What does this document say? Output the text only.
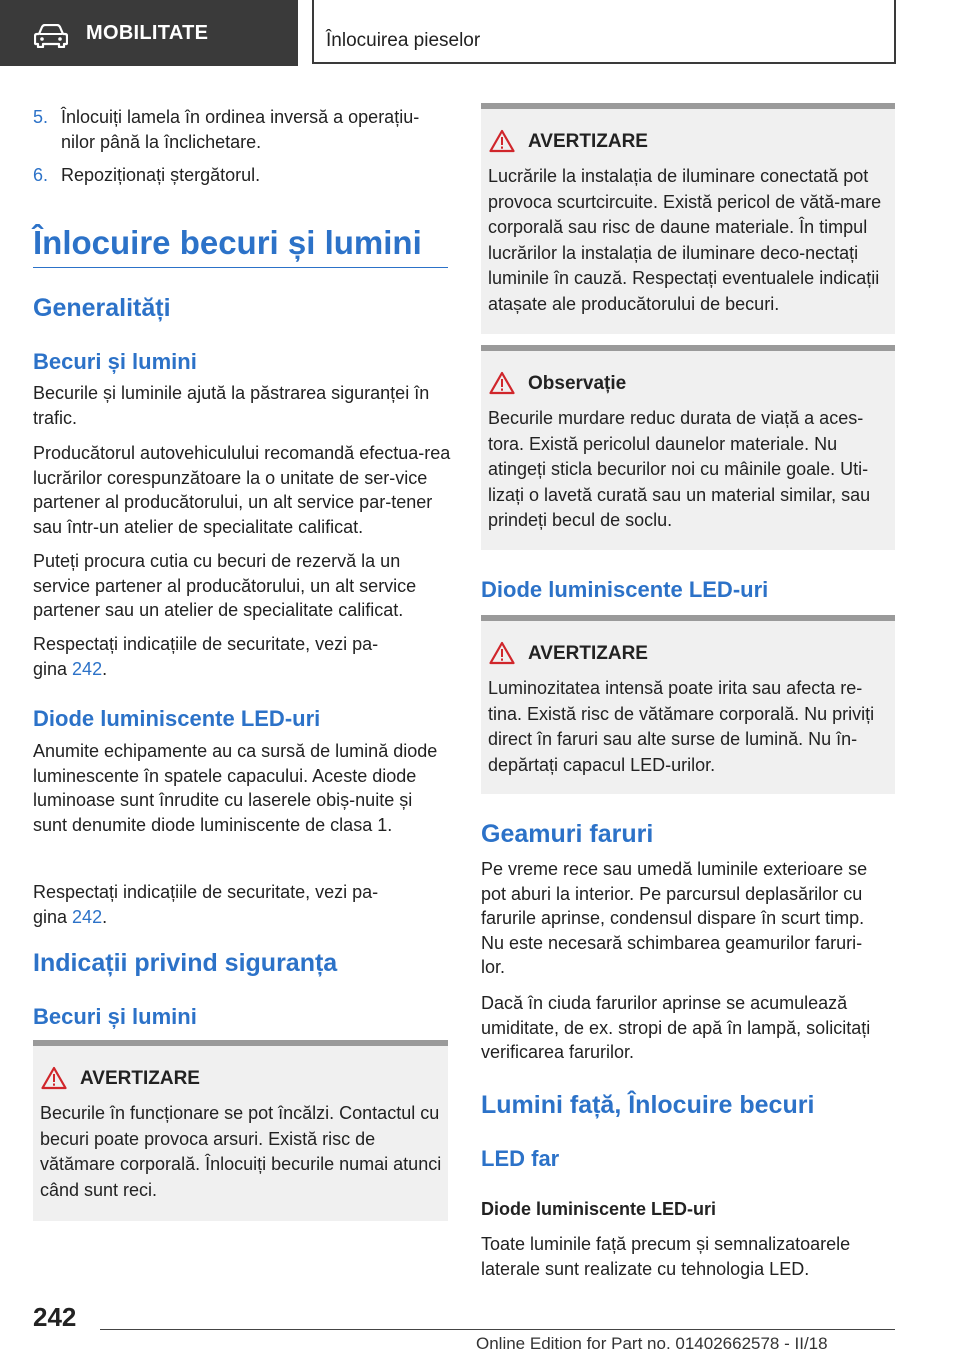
MOBILITATE	Înlocuirea pieselor
5. Înlocuiți lamela în ordinea inversă a operațiu-nilor până la înclichetare.
6. Repoziționați ștergătorul.
Înlocuire becuri și lumini
Generalități
Becuri și lumini
Becurile și luminile ajută la păstrarea siguranței în trafic.
Producătorul autovehiculului recomandă efectua-rea lucrărilor corespunzătoare la o unitate de ser-vice partener al producătorului, un alt service par-tener sau într-un atelier de specialitate calificat.
Puteți procura cutia cu becuri de rezervă la un service partener al producătorului, un alt service partener sau un atelier de specialitate calificat.
Respectați indicațiile de securitate, vezi pa-gina 242.
Diode luminiscente LED-uri
Anumite echipamente au ca sursă de lumină diode luminescente în spatele capacului. Aceste diode luminoase sunt înrudite cu laserele obiș-nuite și sunt denumite diode luminiscente de clasa 1.
Respectați indicațiile de securitate, vezi pa-gina 242.
Indicații privind siguranța
Becuri și lumini
AVERTIZARE
Becurile în funcționare se pot încălzi. Contactul cu becuri poate provoca arsuri. Există risc de vătămare corporală. Înlocuiți becurile numai atunci când sunt reci.
AVERTIZARE
Lucrările la instalația de iluminare conectată pot provoca scurtcircuite. Există pericol de vătă-mare corporală sau risc de daune materiale. În timpul lucrărilor la instalația de iluminare deco-nectați luminile în cauză. Respectați eventualele indicații atașate ale producătorului de becuri.
Observație
Becurile murdare reduc durata de viață a aces-tora. Există pericolul daunelor materiale. Nu atingeți sticla becurilor noi cu mâinile goale. Uti-lizați o lavetă curată sau un material similar, sau prindeți becul de soclu.
Diode luminiscente LED-uri
AVERTIZARE
Luminozitatea intensă poate irita sau afecta re-tina. Există risc de vătămare corporală. Nu priviți direct în faruri sau alte surse de lumină. Nu în-depărtați capacul LED-urilor.
Geamuri faruri
Pe vreme rece sau umedă luminile exterioare se pot aburi la interior. Pe parcursul deplasărilor cu farurile aprinse, condensul dispare în scurt timp. Nu este necesară schimbarea geamurilor faruri-lor.
Dacă în ciuda farurilor aprinse se acumulează umiditate, de ex. stropi de apă în lampă, solicitați verificarea farurilor.
Lumini față, Înlocuire becuri
LED far
Diode luminiscente LED-uri
Toate luminile față precum și semnalizatoarele laterale sunt realizate cu tehnologia LED.
242
Online Edition for Part no. 01402662578 - II/18
